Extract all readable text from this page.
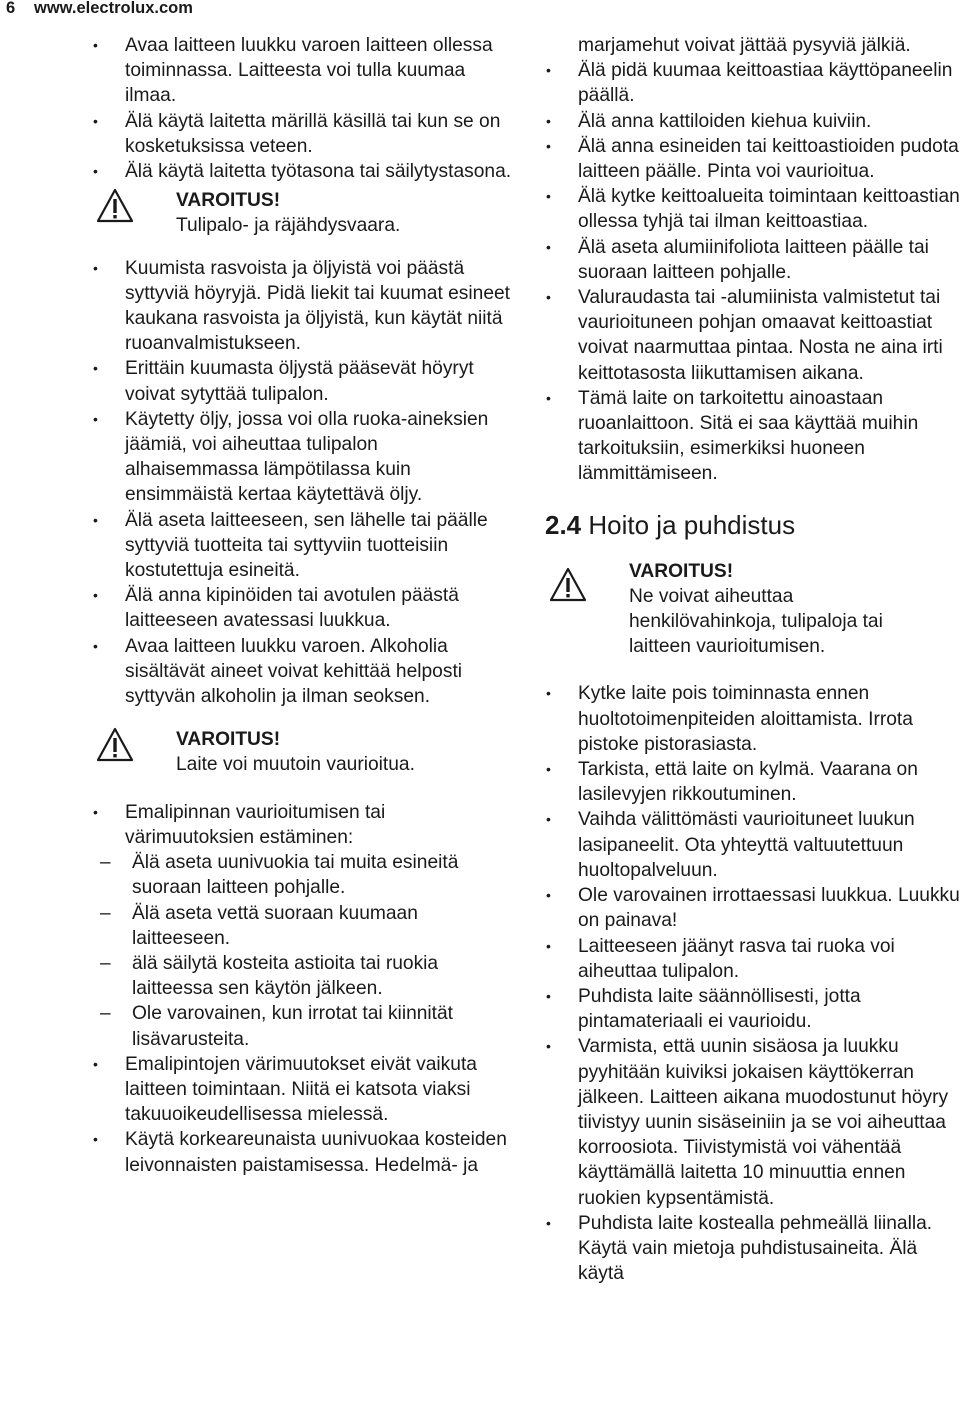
6 www.electrolux.com
• Avaa laitteen luukku varoen laitteen ollessa toiminnassa. Laitteesta voi tulla kuumaa ilmaa.
• Älä käytä laitetta märillä käsillä tai kun se on kosketuksissa veteen.
• Älä käytä laitetta työtasona tai säilytystasona.
VAROITUS!
Tulipalo- ja räjähdysvaara.
• Kuumista rasvoista ja öljyistä voi päästä syttyviä höyryjä. Pidä liekit tai kuumat esineet kaukana rasvoista ja öljyistä, kun käytät niitä ruoanvalmistukseen.
• Erittäin kuumasta öljystä pääsevät höyryt voivat sytyttää tulipalon.
• Käytetty öljy, jossa voi olla ruoka-aineksien jäämiä, voi aiheuttaa tulipalon alhaisemmassa lämpötilassa kuin ensimmäistä kertaa käytettävä öljy.
• Älä aseta laitteeseen, sen lähelle tai päälle syttyviä tuotteita tai syttyviin tuotteisiin kostutettuja esineitä.
• Älä anna kipinöiden tai avotulen päästä laitteeseen avatessasi luukkua.
• Avaa laitteen luukku varoen. Alkoholia sisältävät aineet voivat kehittää helposti syttyvän alkoholin ja ilman seoksen.
VAROITUS!
Laite voi muutoin vaurioitua.
• Emalipinnan vaurioitumisen tai värimuutoksien estäminen:
– Älä aseta uunivuokia tai muita esineitä suoraan laitteen pohjalle.
– Älä aseta vettä suoraan kuumaan laitteeseen.
– älä säilytä kosteita astioita tai ruokia laitteessa sen käytön jälkeen.
– Ole varovainen, kun irrotat tai kiinnität lisävarusteita.
• Emalipintojen värimuutokset eivät vaikuta laitteen toimintaan. Niitä ei katsota viaksi takuuoikeudellisessa mielessä.
• Käytä korkeareunaista uunivuokaa kosteiden leivonnaisten paistamisessa. Hedelmä- ja
marjamehut voivat jättää pysyviä jälkiä.
• Älä pidä kuumaa keittoastiaa käyttöpaneelin päällä.
• Älä anna kattiloiden kiehua kuiviin.
• Älä anna esineiden tai keittoastioiden pudota laitteen päälle. Pinta voi vaurioitua.
• Älä kytke keittoalueita toimintaan keittoastian ollessa tyhjä tai ilman keittoastiaa.
• Älä aseta alumiinifoliota laitteen päälle tai suoraan laitteen pohjalle.
• Valuraudasta tai -alumiinista valmistetut tai vaurioituneen pohjan omaavat keittoastiat voivat naarmuttaa pintaa. Nosta ne aina irti keittotasosta liikuttamisen aikana.
• Tämä laite on tarkoitettu ainoastaan ruoanlaittoon. Sitä ei saa käyttää muihin tarkoituksiin, esimerkiksi huoneen lämmittämiseen.
2.4 Hoito ja puhdistus
VAROITUS!
Ne voivat aiheuttaa henkilövahinkoja, tulipaloja tai laitteen vaurioitumisen.
• Kytke laite pois toiminnasta ennen huoltotoimenpiteiden aloittamista. Irrota pistoke pistorasiasta.
• Tarkista, että laite on kylmä. Vaarana on lasilevyjen rikkoutuminen.
• Vaihda välittömästi vaurioituneet luukun lasipaneelit. Ota yhteyttä valtuutettuun huoltopalveluun.
• Ole varovainen irrottaessasi luukkua. Luukku on painava!
• Laitteeseen jäänyt rasva tai ruoka voi aiheuttaa tulipalon.
• Puhdista laite säännöllisesti, jotta pintamateriaali ei vaurioidu.
• Varmista, että uunin sisäosa ja luukku pyyhitään kuiviksi jokaisen käyttökerran jälkeen. Laitteen aikana muodostunut höyry tiivistyy uunin sisäseiniin ja se voi aiheuttaa korroosiota. Tiivistymistä voi vähentää käyttämällä laitetta 10 minuuttia ennen ruokien kypsentämistä.
• Puhdista laite kostealla pehmeällä liinalla. Käytä vain mietoja puhdistusaineita. Älä käytä
